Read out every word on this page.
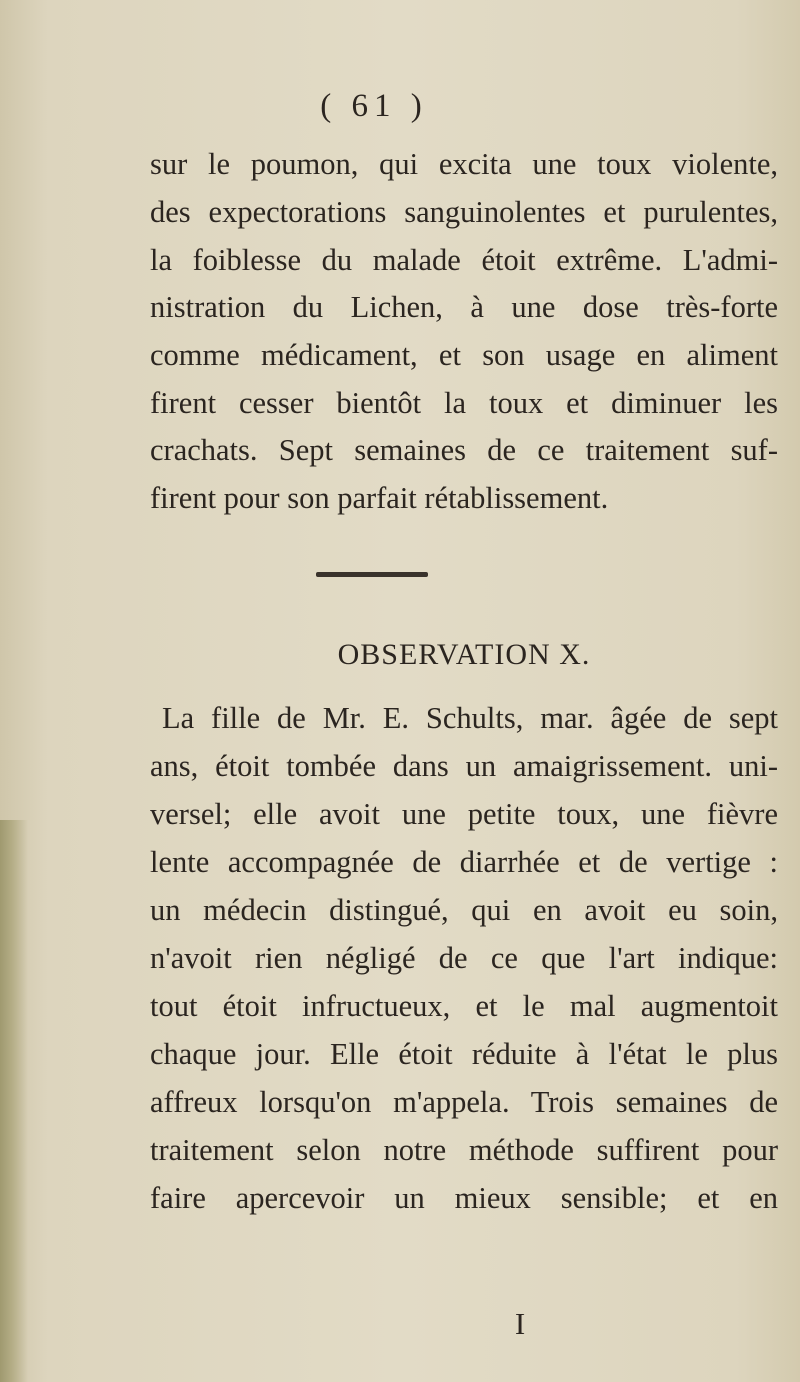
( 61 )
sur le poumon, qui excita une toux violente,
des expectorations sanguinolentes et purulentes,
la foiblesse du malade étoit extrême. L'admi-
nistration du Lichen, à une dose très-forte
comme médicament, et son usage en aliment
firent cesser bientôt la toux et diminuer les
crachats. Sept semaines de ce traitement suf-
firent pour son parfait rétablissement.
OBSERVATION X.
La fille de Mr. E. Schults, mar. âgée de sept
ans, étoit tombée dans un amaigrissement. uni-
versel; elle avoit une petite toux, une fièvre
lente accompagnée de diarrhée et de vertige :
un médecin distingué, qui en avoit eu soin,
n'avoit rien négligé de ce que l'art indique:
tout étoit infructueux, et le mal augmentoit
chaque jour. Elle étoit réduite à l'état le plus
affreux lorsqu'on m'appela. Trois semaines de
traitement selon notre méthode suffirent pour
faire apercevoir un mieux sensible; et en
I
